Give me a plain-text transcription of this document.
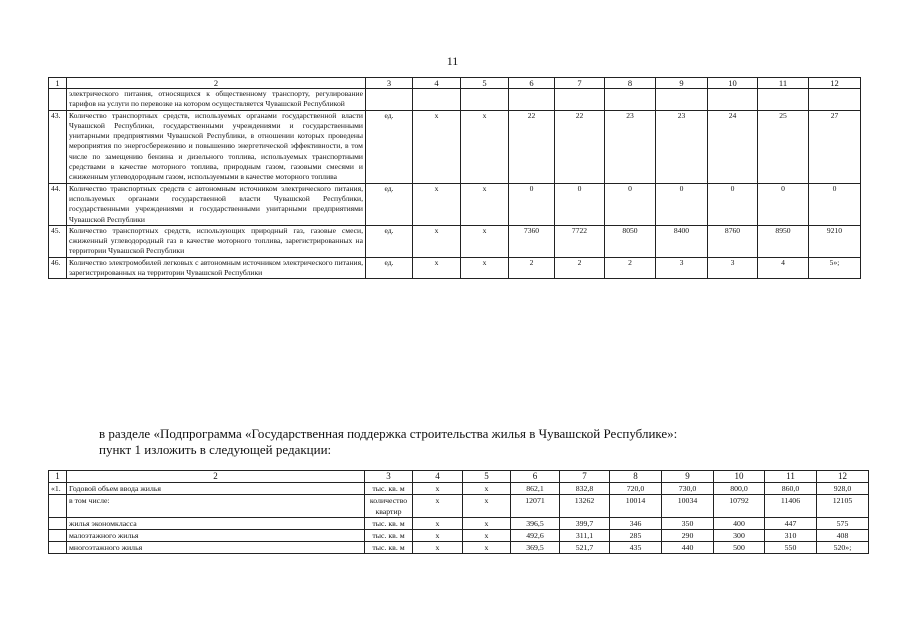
11
1	2	3	4	5	6	7	8	9	10	11	12
	электрического питания, относящихся к общественному транспорту, регулирование тарифов на услуги по перевозке на котором осуществляется Чувашской Республикой										
43.	Количество транспортных средств, используемых органами государственной власти Чувашской Республики, государственными учреждениями и государственными унитарными предприятиями Чувашской Республики, в отношении которых проведены мероприятия по энергосбережению и повышению энергетической эффективности, в том числе по замещению бензина и дизельного топлива, используемых транспортными средствами в качестве моторного топлива, природным газом, газовыми смесями и сжиженным углеводородным газом, используемыми в качестве моторного топлива	ед.	х	х	22	22	23	23	24	25	27
44.	Количество транспортных средств с автономным источником электрического питания, используемых органами государственной власти Чувашской Республики, государственными учреждениями и государственными унитарными предприятиями Чувашской Республики	ед.	х	х	0	0	0	0	0	0	0
45.	Количество транспортных средств, использующих природный газ, газовые смеси, сжиженный углеводородный газ в качестве моторного топлива, зарегистрированных на территории Чувашской Республики	ед.	х	х	7360	7722	8050	8400	8760	8950	9210
46.	Количество электромобилей легковых с автономным источником электрического питания, зарегистрированных на территории Чувашской Республики	ед.	х	х	2	2	2	3	3	4	5»;
в разделе «Подпрограмма «Государственная поддержка строительства жилья в Чувашской Республике»:
пункт 1 изложить в следующей редакции:
1	2	3	4	5	6	7	8	9	10	11	12
«1.	Годовой объем ввода жилья	тыс. кв. м	х	х	862,1	832,8	720,0	730,0	800,0	860,0	928,0
	в том числе:	количество квартир	х	х	12071	13262	10014	10034	10792	11406	12105
	жилья экономкласса	тыс. кв. м	х	х	396,5	399,7	346	350	400	447	575
	малоэтажного жилья	тыс. кв. м	х	х	492,6	311,1	285	290	300	310	408
	многоэтажного жилья	тыс. кв. м	х	х	369,5	521,7	435	440	500	550	520»;
